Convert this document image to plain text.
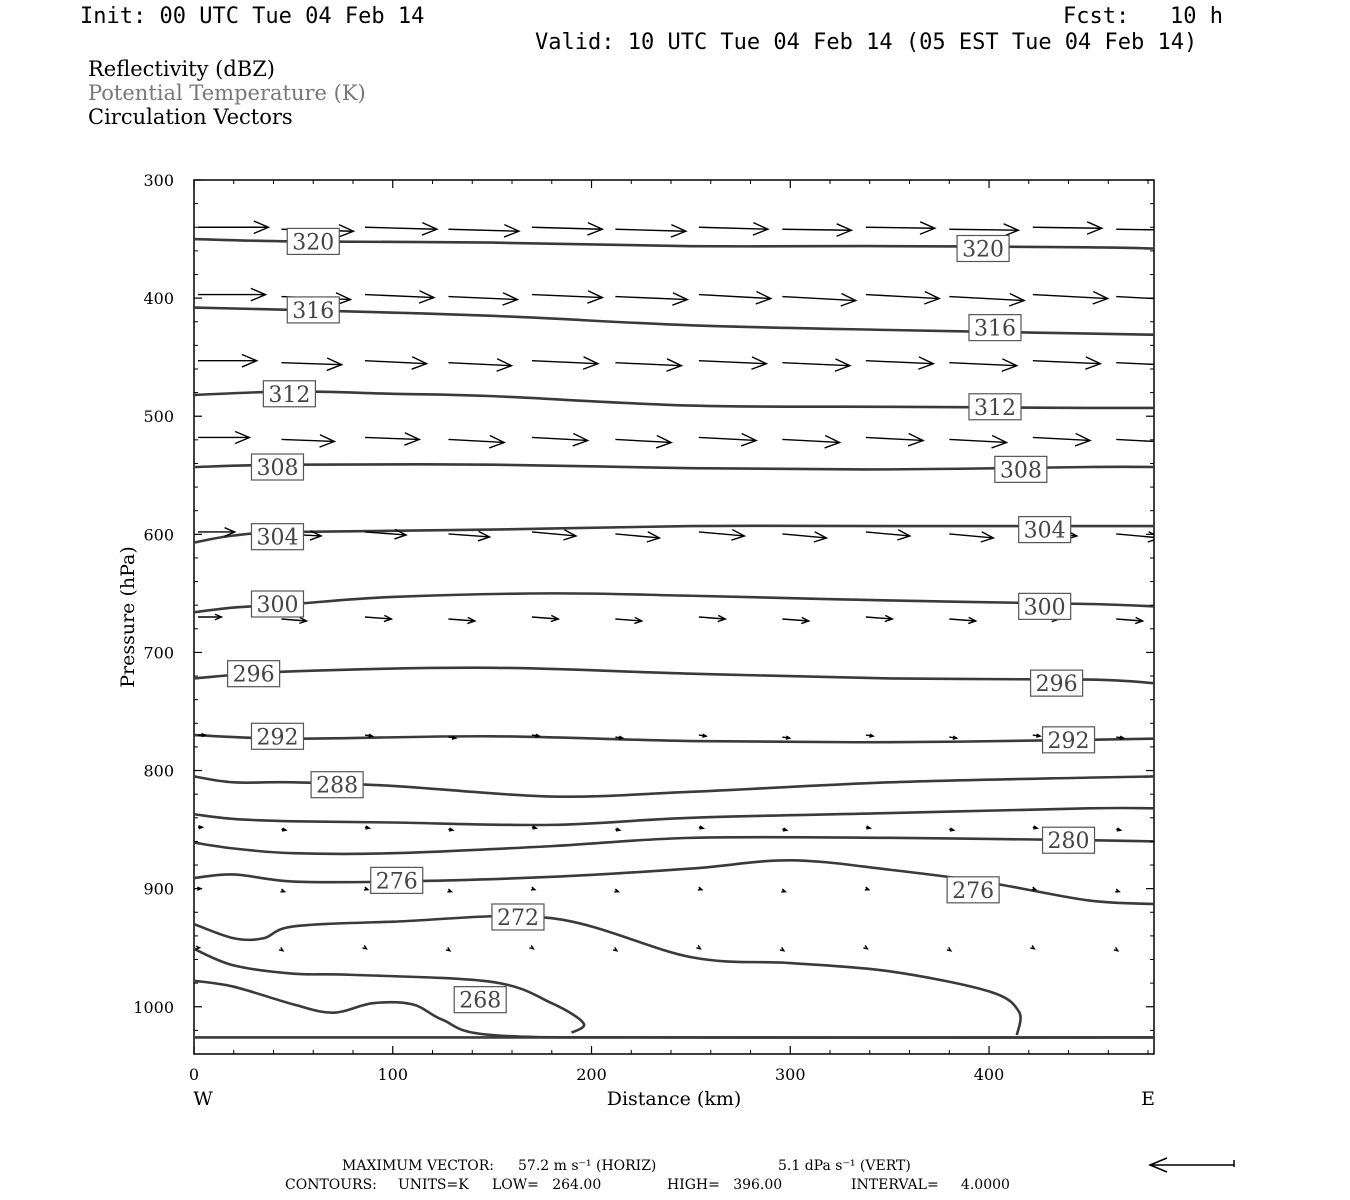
Init: 00 UTC Tue 04 Feb 14	Fcst: 10 h
Valid: 10 UTC Tue 04 Feb 14 (05 EST Tue 04 Feb 14)
Reflectivity (dBZ)
Potential Temperature (K)
Circulation Vectors
320	320
316
316
312
312
308	308
304	304
300	300
296	296
292	292
288
280
276	276
272
268
0	100	200	300	400
300
400
500
600
700
800
900
1000
Distance (km)
Pressure (hPa)
W	E
MAXIMUM VECTOR: 57.2 m s⁻¹ (HORIZ)	5.1 dPa s⁻¹ (VERT)
CONTOURS: UNITS=K LOW=   264.00	HIGH=   396.00	INTERVAL=     4.0000
